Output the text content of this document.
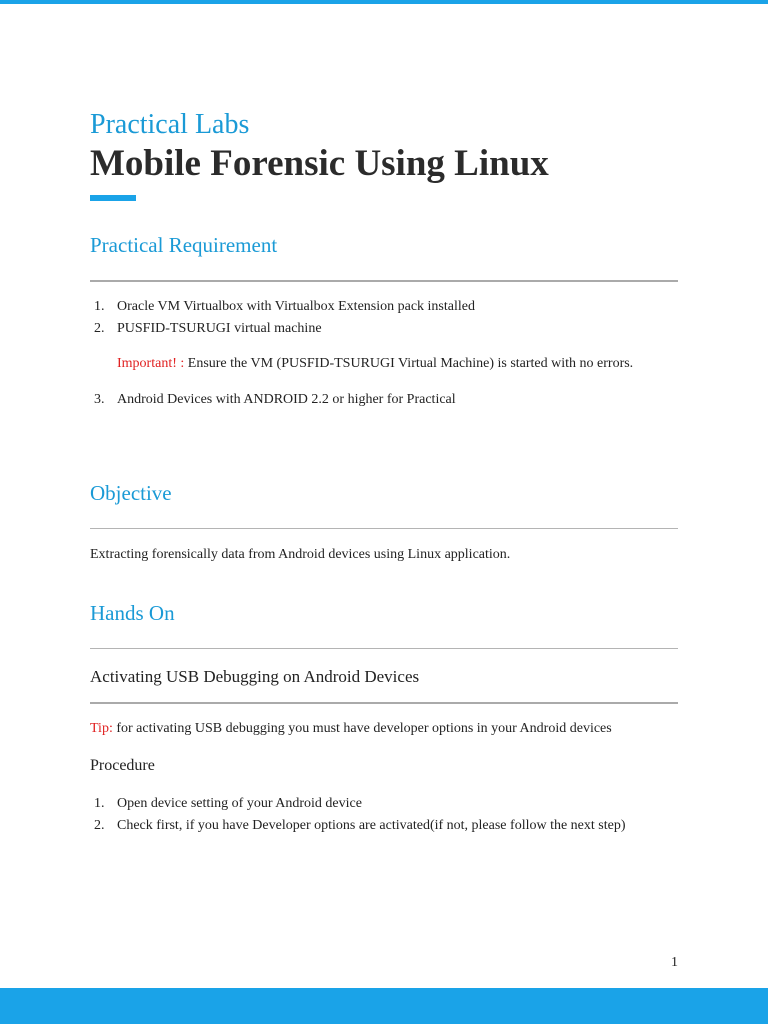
Practical Labs
Mobile Forensic Using Linux
Practical Requirement
1. Oracle VM Virtualbox with Virtualbox Extension pack installed
2. PUSFID-TSURUGI virtual machine
Important! : Ensure the VM (PUSFID-TSURUGI Virtual Machine) is started with no errors.
3. Android Devices with ANDROID 2.2 or higher for Practical
Objective
Extracting forensically data from Android devices using Linux application.
Hands On
Activating USB Debugging on Android Devices
Tip: for activating USB debugging you must have developer options in your Android devices
Procedure
1. Open device setting of your Android device
2. Check first, if you have Developer options are activated(if not, please follow the next step)
1
